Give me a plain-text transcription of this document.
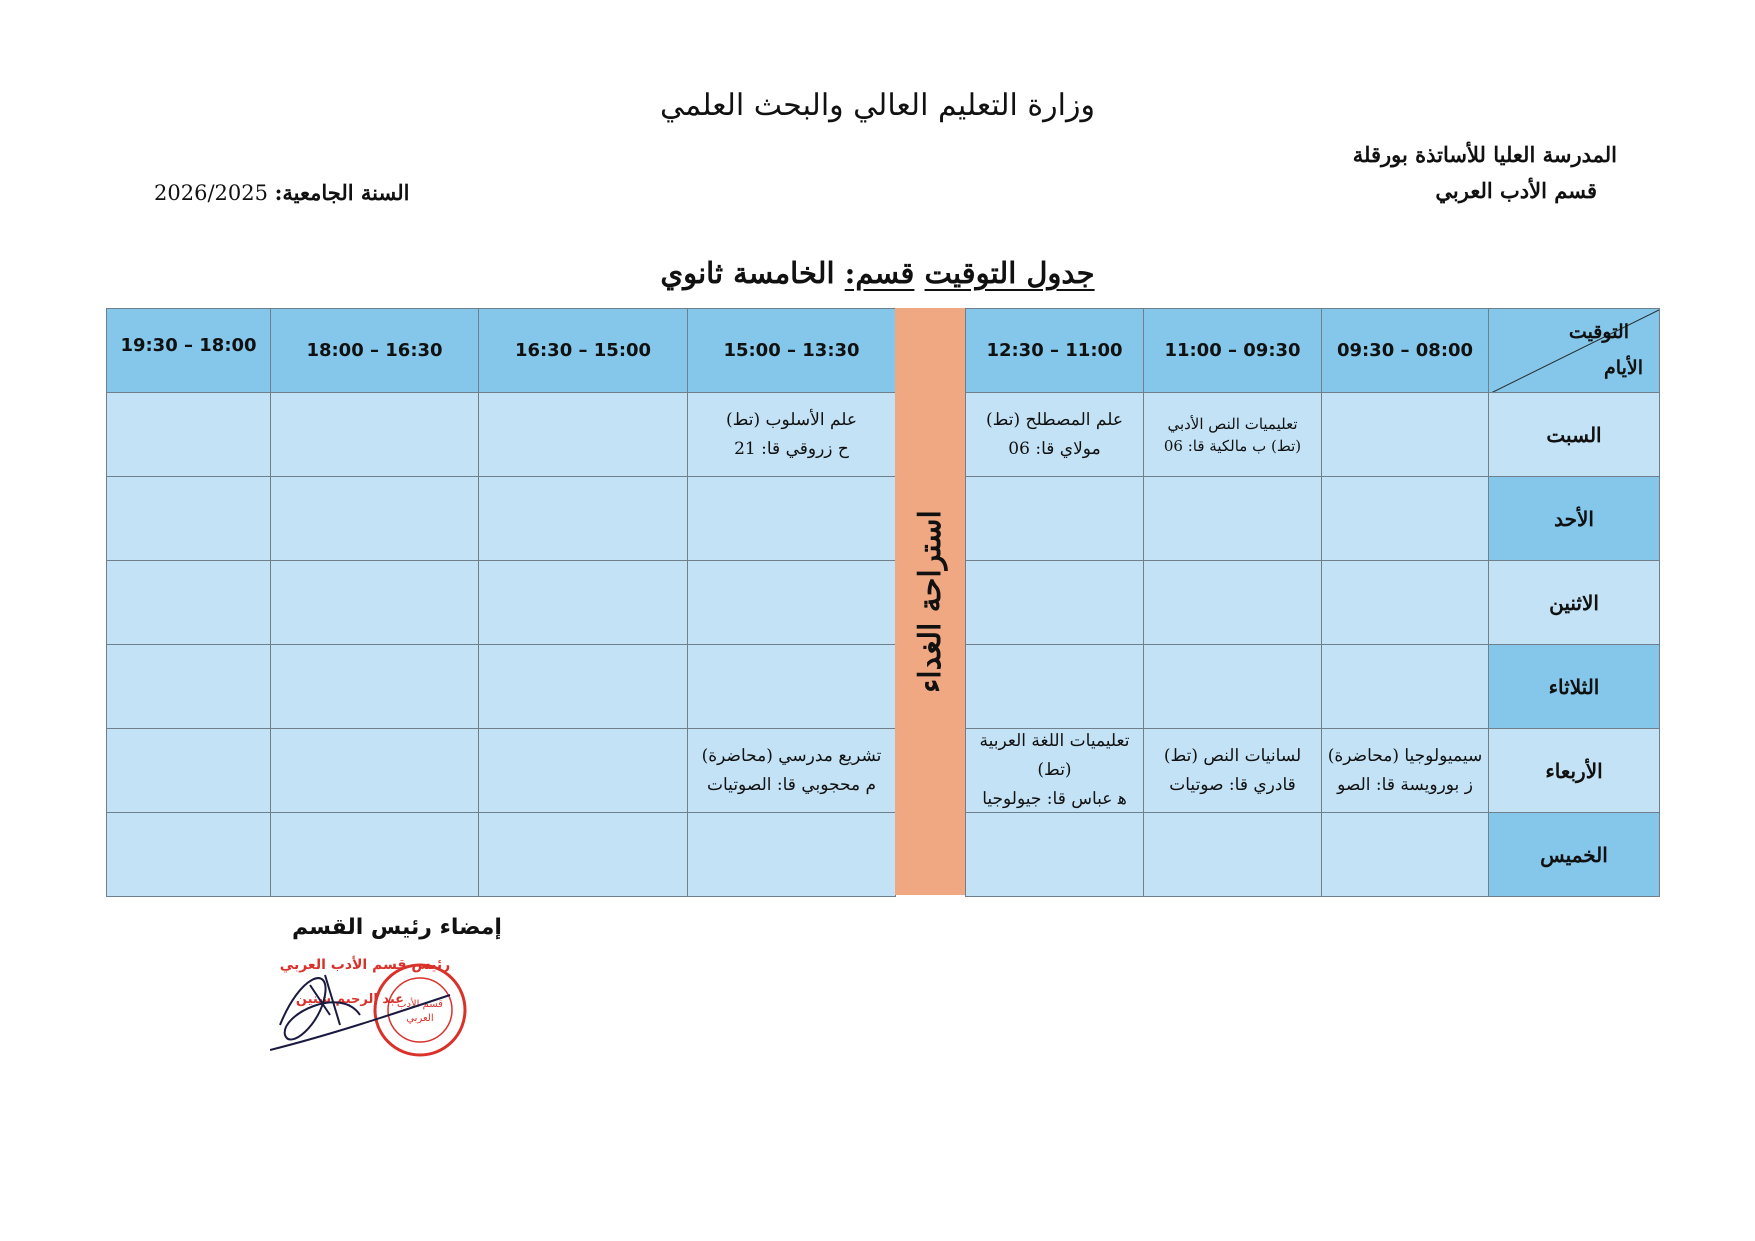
وزارة التعليم العالي والبحث العلمي
المدرسة العليا للأساتذة بورقلة
قسم الأدب العربي
السنة الجامعية: 2026/2025
جدول التوقيت قسم: الخامسة ثانوي
التوقيت
الأيام
09:30 – 08:00
11:00 – 09:30
12:30 – 11:00
15:00 – 13:30
16:30 – 15:00
18:00 – 16:30
19:30 – 18:00
السبت
تعليميات النص الأدبي
(تط) ب مالكية قا: 06
علم المصطلح (تط)
مولاي قا: 06
علم الأسلوب (تط)
ح زروقي قا: 21
الأحد
الاثنين
الثلاثاء
الأربعاء
سيميولوجيا (محاضرة)
ز بورويسة قا: الصو
لسانيات النص (تط)
قادري قا: صوتيات
تعليميات اللغة العربية (تط)
ﻫ عباس قا: جيولوجيا
تشريع مدرسي (محاضرة)
م محجوبي قا: الصوتيات
الخميس
استراحة الغداء
إمضاء رئيس القسم
قسم الأدب
العربي
رئيس قسم الأدب العربي
عبد الرحيم شنين
